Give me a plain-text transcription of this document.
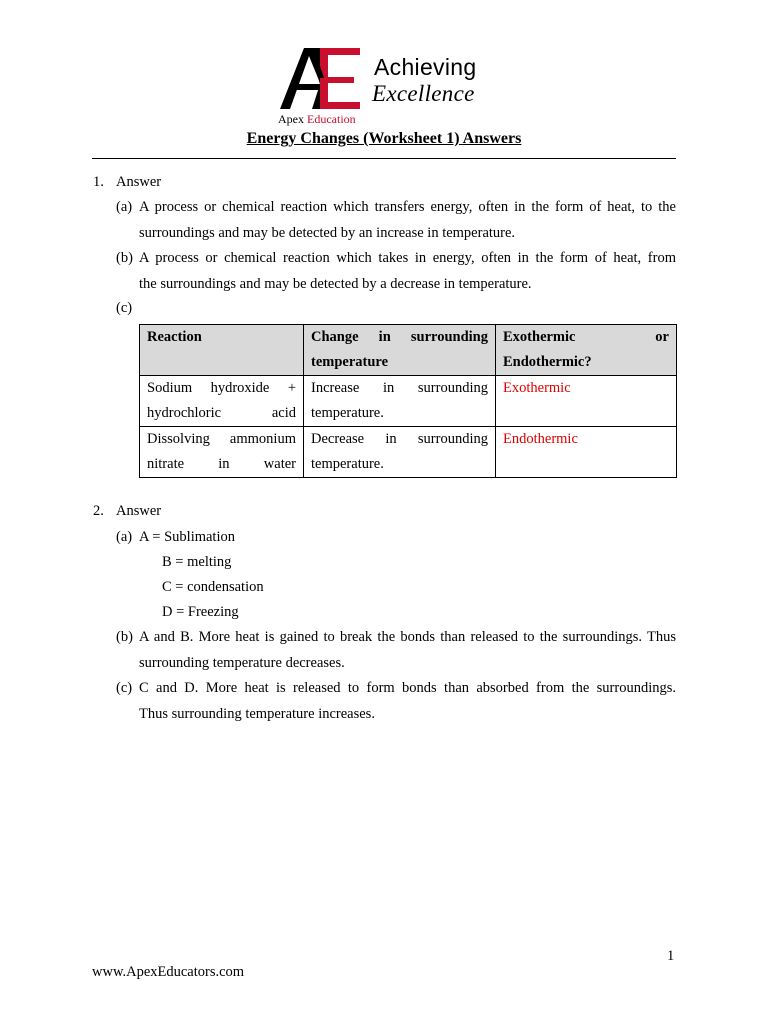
Achieving
Excellence
Apex Education
Energy Changes (Worksheet 1) Answers
1. Answer
(a) A process or chemical reaction which transfers energy, often in the form of heat, to the
surroundings and may be detected by an increase in temperature.
(b) A process or chemical reaction which takes in energy, often in the form of heat, from
the surroundings and may be detected by a decrease in temperature.
(c)
Reaction	Change in surrounding temperature	Exothermic or Endothermic?
Sodium hydroxide + hydrochloric acid	Increase in surrounding temperature.	Exothermic
Dissolving ammonium nitrate in water	Decrease in surrounding temperature.	Endothermic
2. Answer
(a) A = Sublimation
B = melting
C = condensation
D = Freezing
(b) A and B. More heat is gained to break the bonds than released to the surroundings. Thus
surrounding temperature decreases.
(c) C and D. More heat is released to form bonds than absorbed from the surroundings.
Thus surrounding temperature increases.
1
www.ApexEducators.com
